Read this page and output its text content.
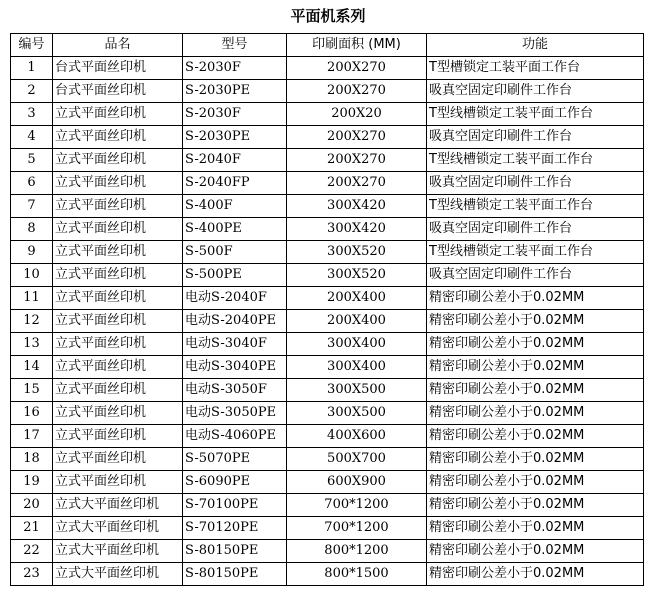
平面机系列
编号	品名	型号	印刷面积 (MM)	功能
1	台式平面丝印机	S-2030F	200X270	T型槽锁定工装平面工作台
2	台式平面丝印机	S-2030PE	200X270	吸真空固定印刷件工作台
3	立式平面丝印机	S-2030F	200X20	T型线槽锁定工装平面工作台
4	立式平面丝印机	S-2030PE	200X270	吸真空固定印刷件工作台
5	立式平面丝印机	S-2040F	200X270	T型线槽锁定工装平面工作台
6	立式平面丝印机	S-2040FP	200X270	吸真空固定印刷件工作台
7	立式平面丝印机	S-400F	300X420	T型线槽锁定工装平面工作台
8	立式平面丝印机	S-400PE	300X420	吸真空固定印刷件工作台
9	立式平面丝印机	S-500F	300X520	T型线槽锁定工装平面工作台
10	立式平面丝印机	S-500PE	300X520	吸真空固定印刷件工作台
11	立式平面丝印机	电动S-2040F	200X400	精密印刷公差小于0.02MM
12	立式平面丝印机	电动S-2040PE	200X400	精密印刷公差小于0.02MM
13	立式平面丝印机	电动S-3040F	300X400	精密印刷公差小于0.02MM
14	立式平面丝印机	电动S-3040PE	300X400	精密印刷公差小于0.02MM
15	立式平面丝印机	电动S-3050F	300X500	精密印刷公差小于0.02MM
16	立式平面丝印机	电动S-3050PE	300X500	精密印刷公差小于0.02MM
17	立式平面丝印机	电动S-4060PE	400X600	精密印刷公差小于0.02MM
18	立式平面丝印机	S-5070PE	500X700	精密印刷公差小于0.02MM
19	立式平面丝印机	S-6090PE	600X900	精密印刷公差小于0.02MM
20	立式大平面丝印机	S-70100PE	700*1200	精密印刷公差小于0.02MM
21	立式大平面丝印机	S-70120PE	700*1200	精密印刷公差小于0.02MM
22	立式大平面丝印机	S-80150PE	800*1200	精密印刷公差小于0.02MM
23	立式大平面丝印机	S-80150PE	800*1500	精密印刷公差小于0.02MM
